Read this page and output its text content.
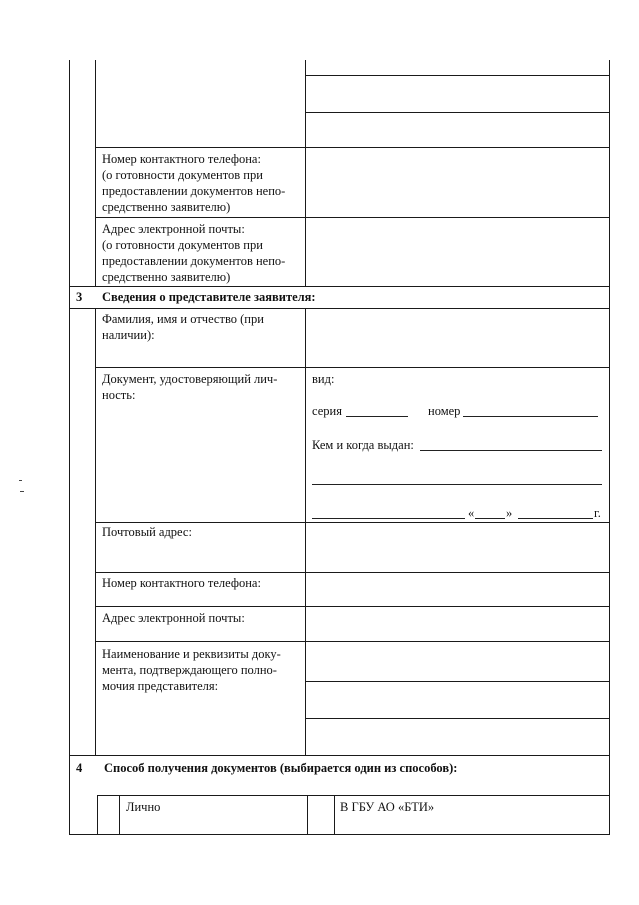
Номер контактного телефона:
(о готовности документов при
предоставлении документов непо-
средственно заявителю)
Адрес электронной почты:
(о готовности документов при
предоставлении документов непо-
средственно заявителю)
3 Сведения о представителе заявителя:
Фамилия, имя и отчество (при
наличии):
Документ, удостоверяющий лич-
ность:
вид:
серия	номер
Кем и когда выдан:
«	»	г.
Почтовый адрес:
Номер контактного телефона:
Адрес электронной почты:
Наименование и реквизиты доку-
мента, подтверждающего полно-
мочия представителя:
4 Способ получения документов (выбирается один из способов):
Лично	В ГБУ АО «БТИ»
